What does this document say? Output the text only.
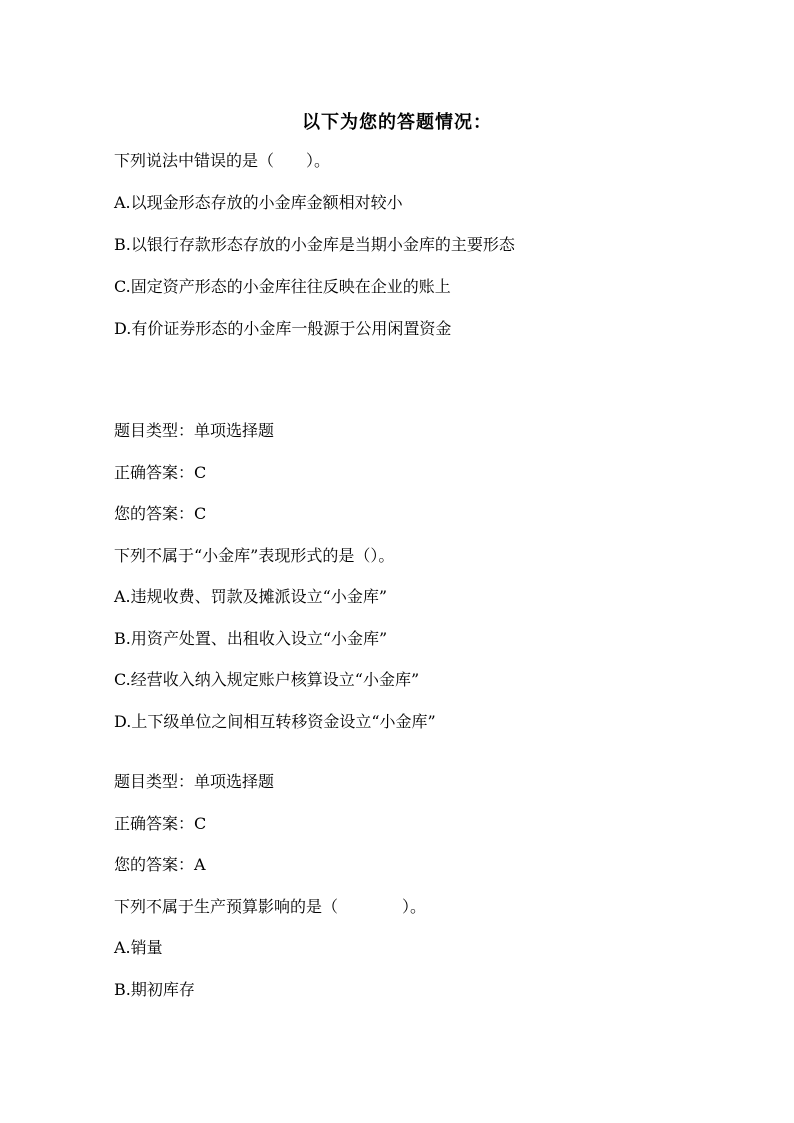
以下为您的答题情况：
下列说法中错误的是（　　）。
A.以现金形态存放的小金库金额相对较小
B.以银行存款形态存放的小金库是当期小金库的主要形态
C.固定资产形态的小金库往往反映在企业的账上
D.有价证券形态的小金库一般源于公用闲置资金
题目类型：单项选择题
正确答案：C
您的答案：C
下列不属于“小金库”表现形式的是（）。
A.违规收费、罚款及摊派设立“小金库”
B.用资产处置、出租收入设立“小金库”
C.经营收入纳入规定账户核算设立“小金库”
D.上下级单位之间相互转移资金设立“小金库”
题目类型：单项选择题
正确答案：C
您的答案：A
下列不属于生产预算影响的是（　　　　）。
A.销量
B.期初库存
